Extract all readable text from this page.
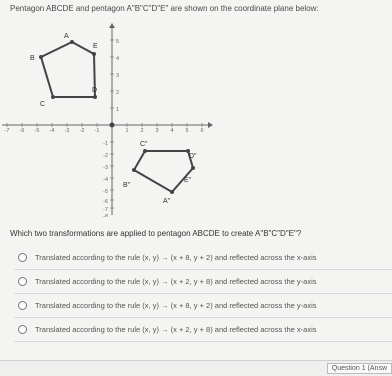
Pentagon ABCDE and pentagon A"B"C"D"E" are shown on the coordinate plane below:
-7 -6 -5 -4 -3 -2 -1	1 2 3 4 5 6
5
4
3
2
1
-1
-2
-3
-4
-5
-6
-7
-8
A
B
C
D
E
A"
E"
D"
C"
B"
Which two transformations are applied to pentagon ABCDE to create A"B"C"D"E"?
Translated according to the rule (x, y) → (x + 8, y + 2) and reflected across the x-axis
Translated according to the rule (x, y) → (x + 2, y + 8) and reflected across the y-axis
Translated according to the rule (x, y) → (x + 8, y + 2) and reflected across the y-axis
Translated according to the rule (x, y) → (x + 2, y + 8) and reflected across the x-axis
Question 1 (Answ
